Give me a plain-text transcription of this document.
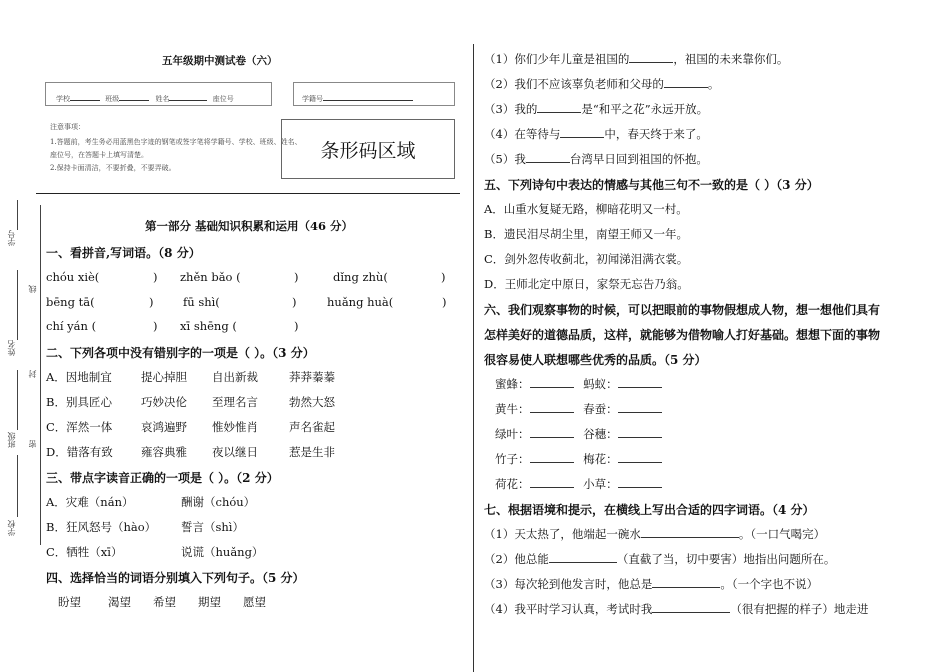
学号
线
姓名
封
班级 密
学校
五年级期中测试卷（六）
学校	班级	姓名	座位号	学籍号
注意事项：
1.答题前，考生务必用蓝黑色字迹的钢笔或签字笔将学籍号、学校、班级、姓名、
座位号，在答题卡上填写清楚。
2.保持卡面清洁，不要折叠，不要弄破。
条形码区域
第一部分 基础知识积累和运用（46 分）
一、看拼音,写词语。（8 分）
chóu xiè(	) zhěn bǎo (	)	dǐng zhù(	)
bēng tā(	)	fū shì(	)	huǎng huà(	)
chí yán (	) xī shēng (	)
二、下列各项中没有错别字的一项是（ ）。（3 分）
A．因地制宜	提心掉胆 自出新裁	莽莽蓁蓁
B．别具匠心	巧妙决伦 至理名言	勃然大怒
C．浑然一体 哀鸿遍野 惟妙惟肖	声名雀起
D．错落有致 雍容典雅 夜以继日	惹是生非
三、带点字读音正确的一项是（ ）。（2 分）
A．灾难（nán）	酬谢（chóu）
B．狂风怒号（hào） 誓言（shì）
C．牺牲（xī）	说谎（huǎng）
四、选择恰当的词语分别填入下列句子。（5 分）
盼望 渴望 希望 期望 愿望
（1）你们少年儿童是祖国的	，祖国的未来靠你们。
（2）我们不应该辜负老师和父母的	。
（3）我的	是“和平之花”永远开放。
（4）在等待与	中，春天终于来了。
（5）我	台湾早日回到祖国的怀抱。
五、下列诗句中表达的情感与其他三句不一致的是（ ）（3 分）
A．山重水复疑无路，柳暗花明又一村。
B．遗民泪尽胡尘里，南望王师又一年。
C．剑外忽传收蓟北，初闻涕泪满衣裳。
D．王师北定中原日，家祭无忘告乃翁。
六、我们观察事物的时候，可以把眼前的事物假想成人物，想一想他们具有
怎样美好的道德品质，这样，就能够为借物喻人打好基础。想想下面的事物
很容易使人联想哪些优秀的品质。（5 分）
蜜蜂：	蚂蚁：
黄牛：	春蚕：
绿叶：	谷穗：
竹子：	梅花：
荷花：	小草：
七、根据语境和提示，在横线上写出合适的四字词语。（4 分）
（1）天太热了，他端起一碗水	。（一口气喝完）
（2）他总能	（直截了当，切中要害）地指出问题所在。
（3）每次轮到他发言时，他总是	。（一个字也不说）
（4）我平时学习认真，考试时我	（很有把握的样子）地走进
